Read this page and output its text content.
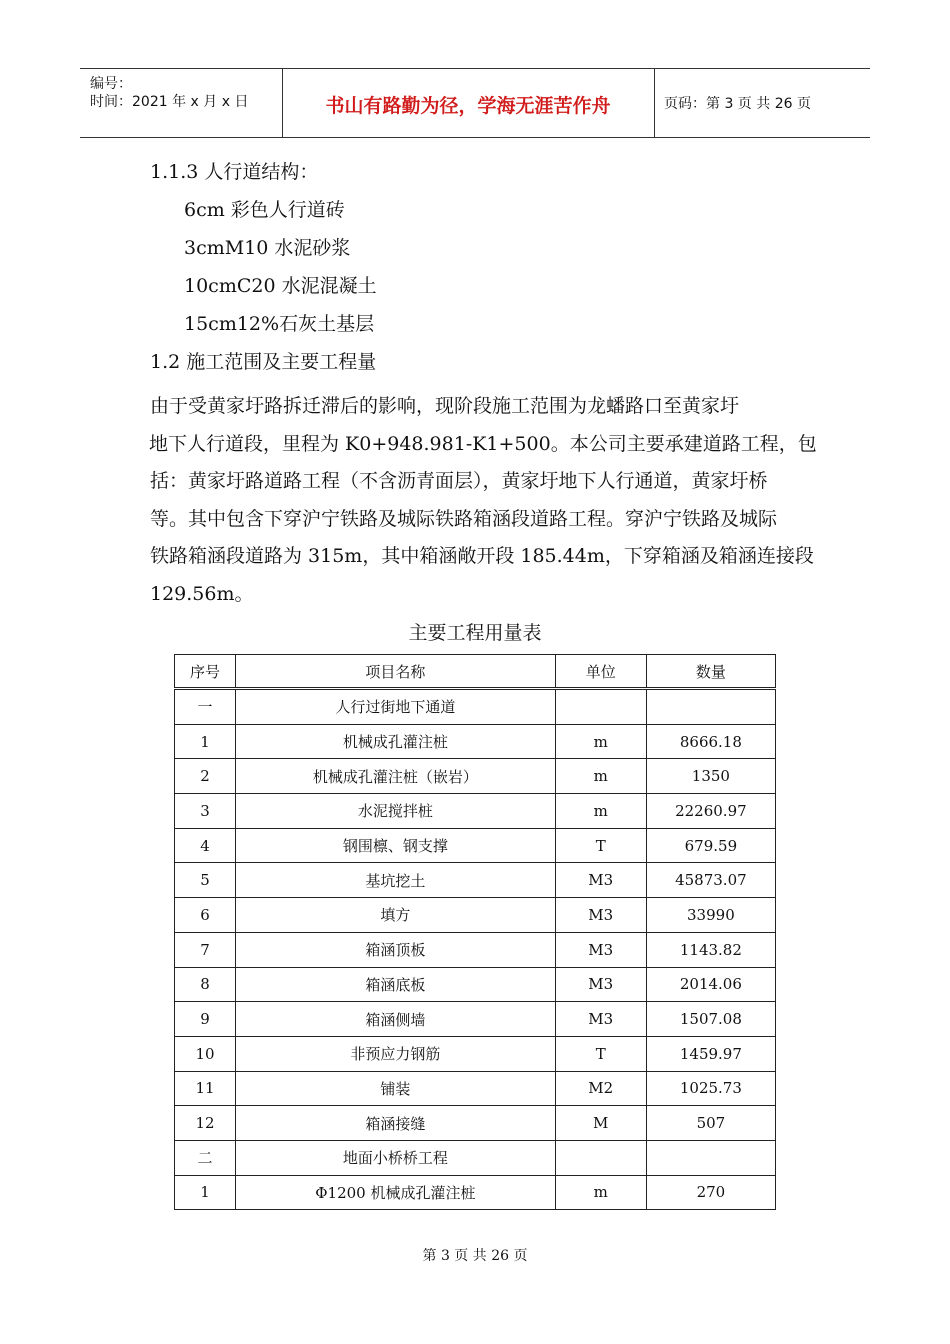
编号：
时间：2021 年 x 月 x 日	书山有路勤为径，学海无涯苦作舟	页码：第 3 页 共 26 页
1.1.3 人行道结构：
6cm 彩色人行道砖
3cmM10 水泥砂浆
10cmC20 水泥混凝土
15cm12%石灰土基层
1.2 施工范围及主要工程量

由于受黄家圩路拆迁滞后的影响，现阶段施工范围为龙蟠路口至黄家圩

地下人行道段，里程为 K0+948.981-K1+500。本公司主要承建道路工程，包

括：黄家圩路道路工程（不含沥青面层），黄家圩地下人行通道，黄家圩桥

等。其中包含下穿沪宁铁路及城际铁路箱涵段道路工程。穿沪宁铁路及城际

铁路箱涵段道路为 315m，其中箱涵敞开段 185.44m，下穿箱涵及箱涵连接段

129.56m。

主要工程用量表
序号	项目名称	单位	数量
一	人行过街地下通道		
1	机械成孔灌注桩	m	8666.18
2	机械成孔灌注桩（嵌岩）	m	1350
3	水泥搅拌桩	m	22260.97
4	钢围檩、钢支撑	T	679.59
5	基坑挖土	M3	45873.07
6	填方	M3	33990
7	箱涵顶板	M3	1143.82
8	箱涵底板	M3	2014.06
9	箱涵侧墙	M3	1507.08
10	非预应力钢筋	T	1459.97
11	铺装	M2	1025.73
12	箱涵接缝	M	507
二	地面小桥桥工程		
1	Φ1200 机械成孔灌注桩	m	270
第 3 页 共 26 页
